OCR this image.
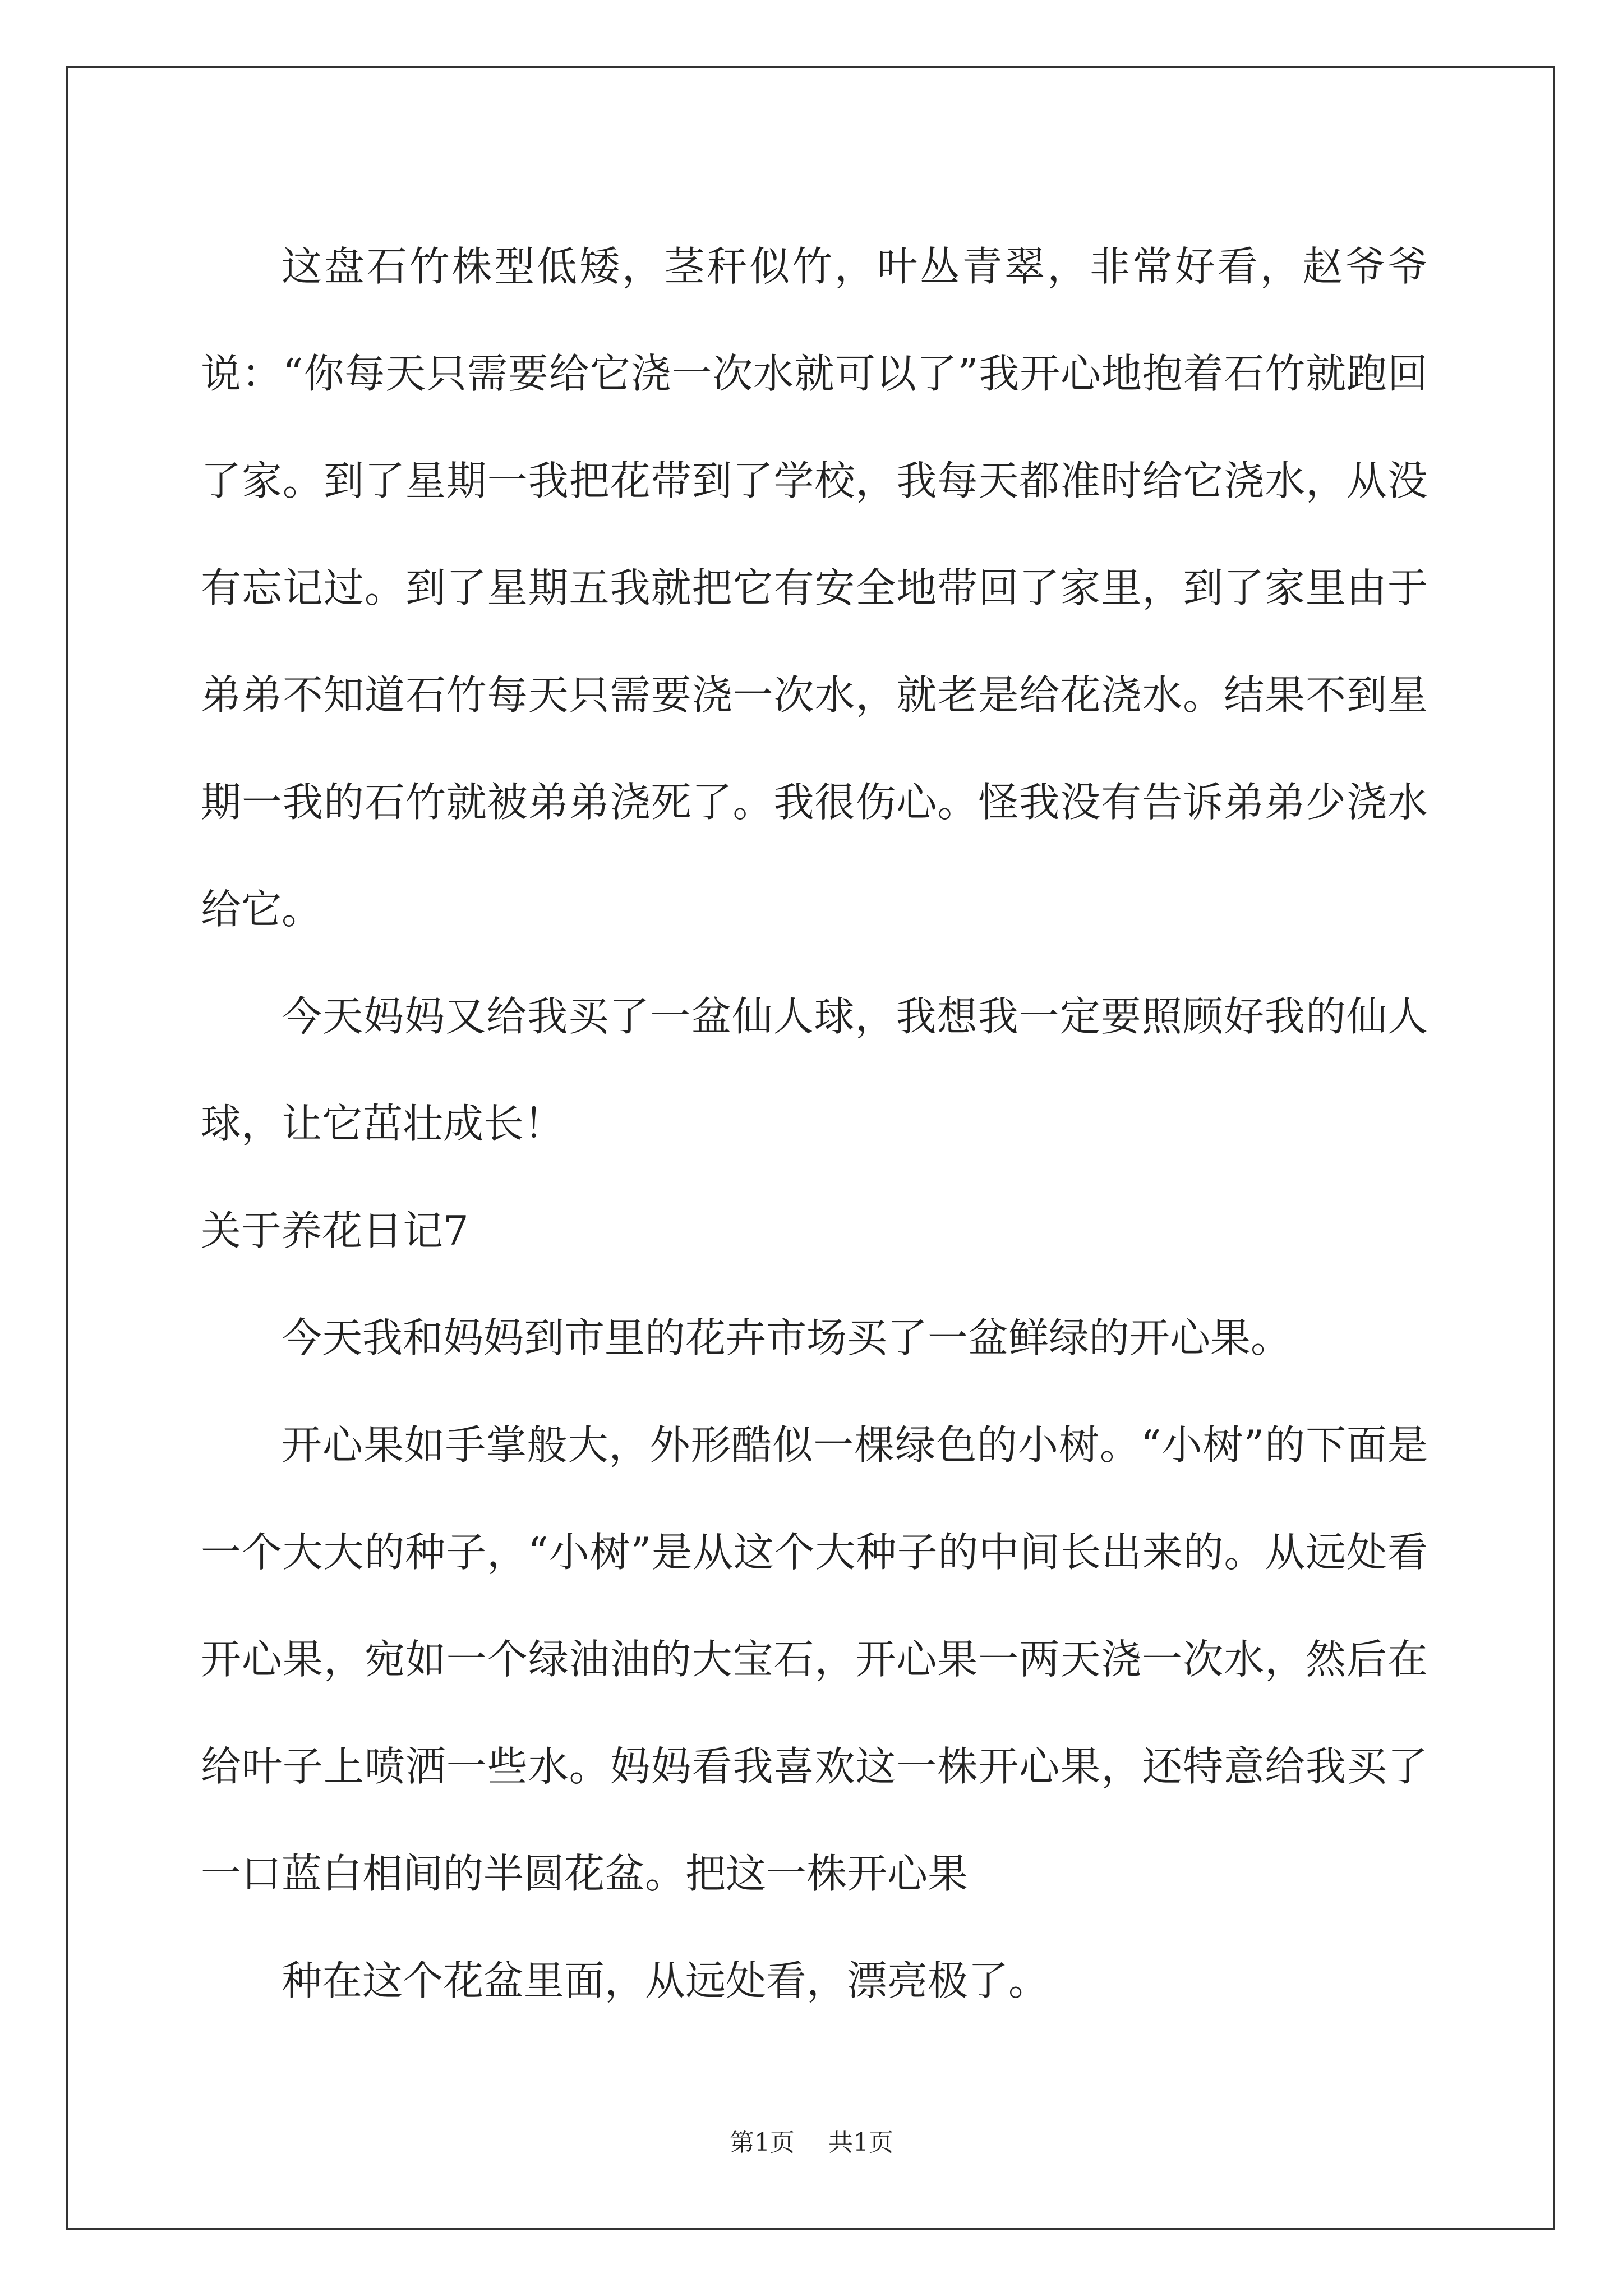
这盘石竹株型低矮，茎秆似竹，叶丛青翠，非常好看，赵爷爷说：“你每天只需要给它浇一次水就可以了”我开心地抱着石竹就跑回了家。到了星期一我把花带到了学校，我每天都准时给它浇水，从没有忘记过。到了星期五我就把它有安全地带回了家里，到了家里由于弟弟不知道石竹每天只需要浇一次水，就老是给花浇水。结果不到星期一我的石竹就被弟弟浇死了。我很伤心。怪我没有告诉弟弟少浇水给它。

今天妈妈又给我买了一盆仙人球，我想我一定要照顾好我的仙人球，让它茁壮成长！

关于养花日记7

今天我和妈妈到市里的花卉市场买了一盆鲜绿的开心果。

开心果如手掌般大，外形酷似一棵绿色的小树。“小树”的下面是一个大大的种子，“小树”是从这个大种子的中间长出来的。从远处看开心果，宛如一个绿油油的大宝石，开心果一两天浇一次水，然后在给叶子上喷洒一些水。妈妈看我喜欢这一株开心果，还特意给我买了一口蓝白相间的半圆花盆。把这一株开心果

种在这个花盆里面，从远处看，漂亮极了。

第1页 共1页
